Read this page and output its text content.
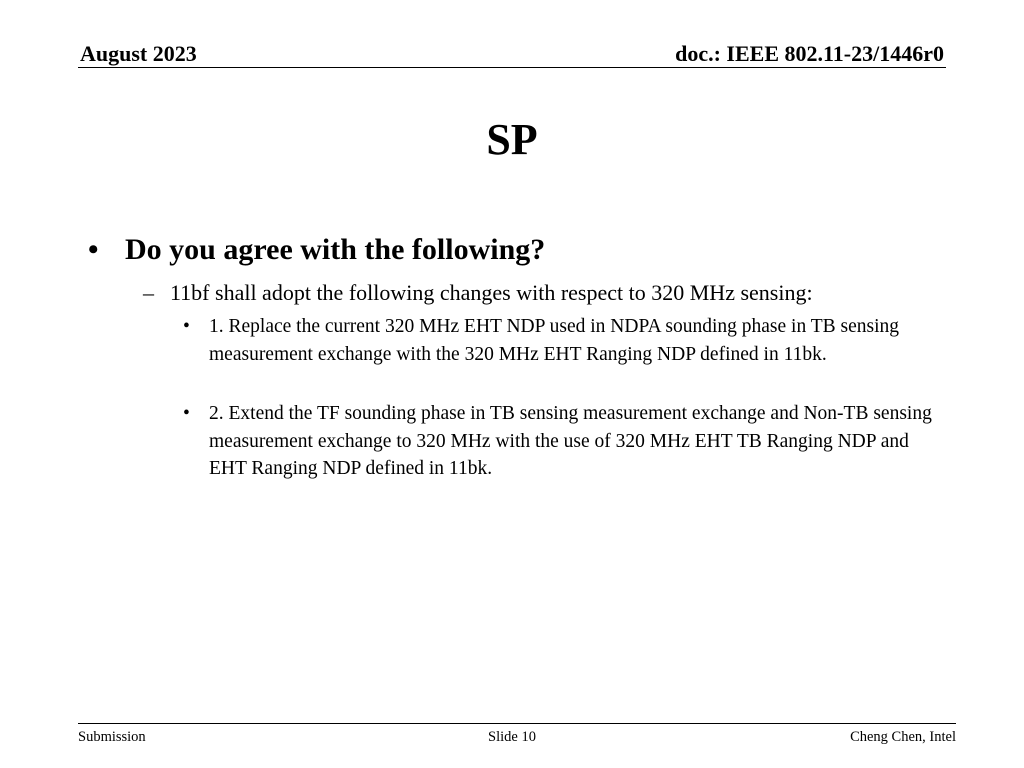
August 2023	doc.: IEEE 802.11-23/1446r0
SP
• Do you agree with the following?
– 11bf shall adopt the following changes with respect to 320 MHz sensing:
• 1. Replace the current 320 MHz EHT NDP used in NDPA sounding phase in TB sensing measurement exchange with the 320 MHz EHT Ranging NDP defined in 11bk.
• 2. Extend the TF sounding phase in TB sensing measurement exchange and Non-TB sensing measurement exchange to 320 MHz with the use of 320 MHz EHT TB Ranging NDP and EHT Ranging NDP defined in 11bk.
Submission	Slide 10	Cheng Chen, Intel
